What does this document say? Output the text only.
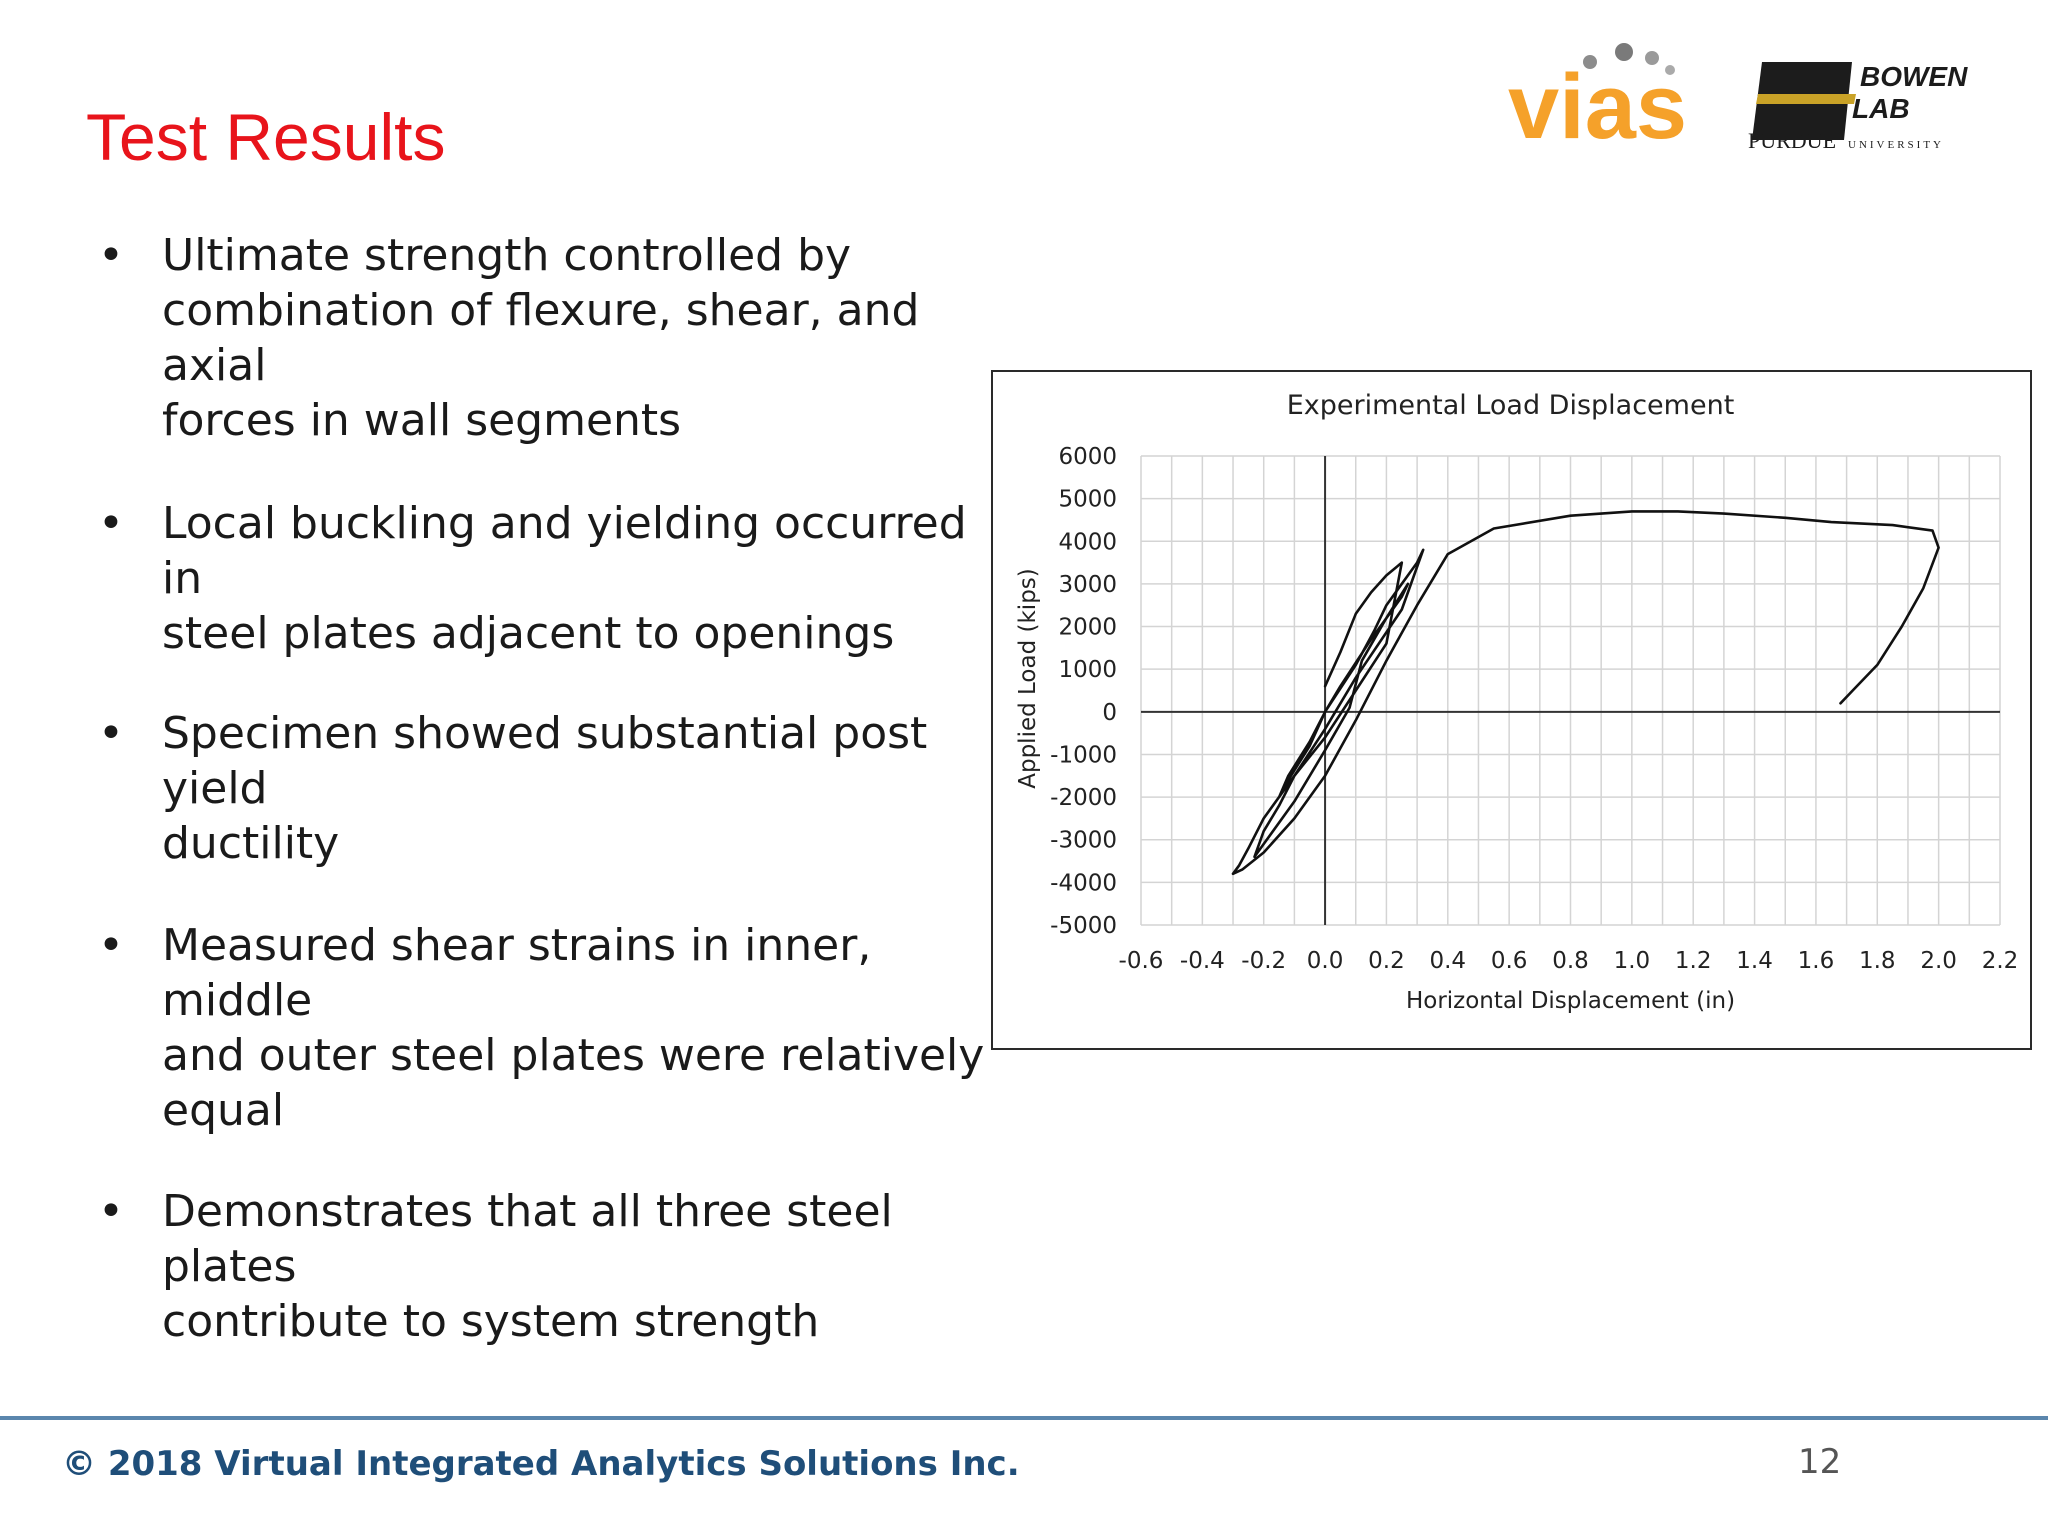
Test Results	vias	BOWEN
LAB
PURDUE UNIVERSITY
• Ultimate strength controlled by
combination of flexure, shear, and axial
forces in wall segments
• Local buckling and yielding occurred in
steel plates adjacent to openings
• Specimen showed substantial post yield
ductility
• Measured shear strains in inner, middle
and outer steel plates were relatively
equal
• Demonstrates that all three steel plates
contribute to system strength
Experimental Load Displacement
-0.6 -0.4 -0.2 0.0 0.2 0.4 0.6 0.8 1.0 1.2 1.4 1.6 1.8 2.0 2.2
6000
5000
4000
3000
2000
1000
0
-1000
-2000
-3000
-4000
-5000
Horizontal Displacement (in)
Applied Load (kips)
© 2018 Virtual Integrated Analytics Solutions Inc.	12
